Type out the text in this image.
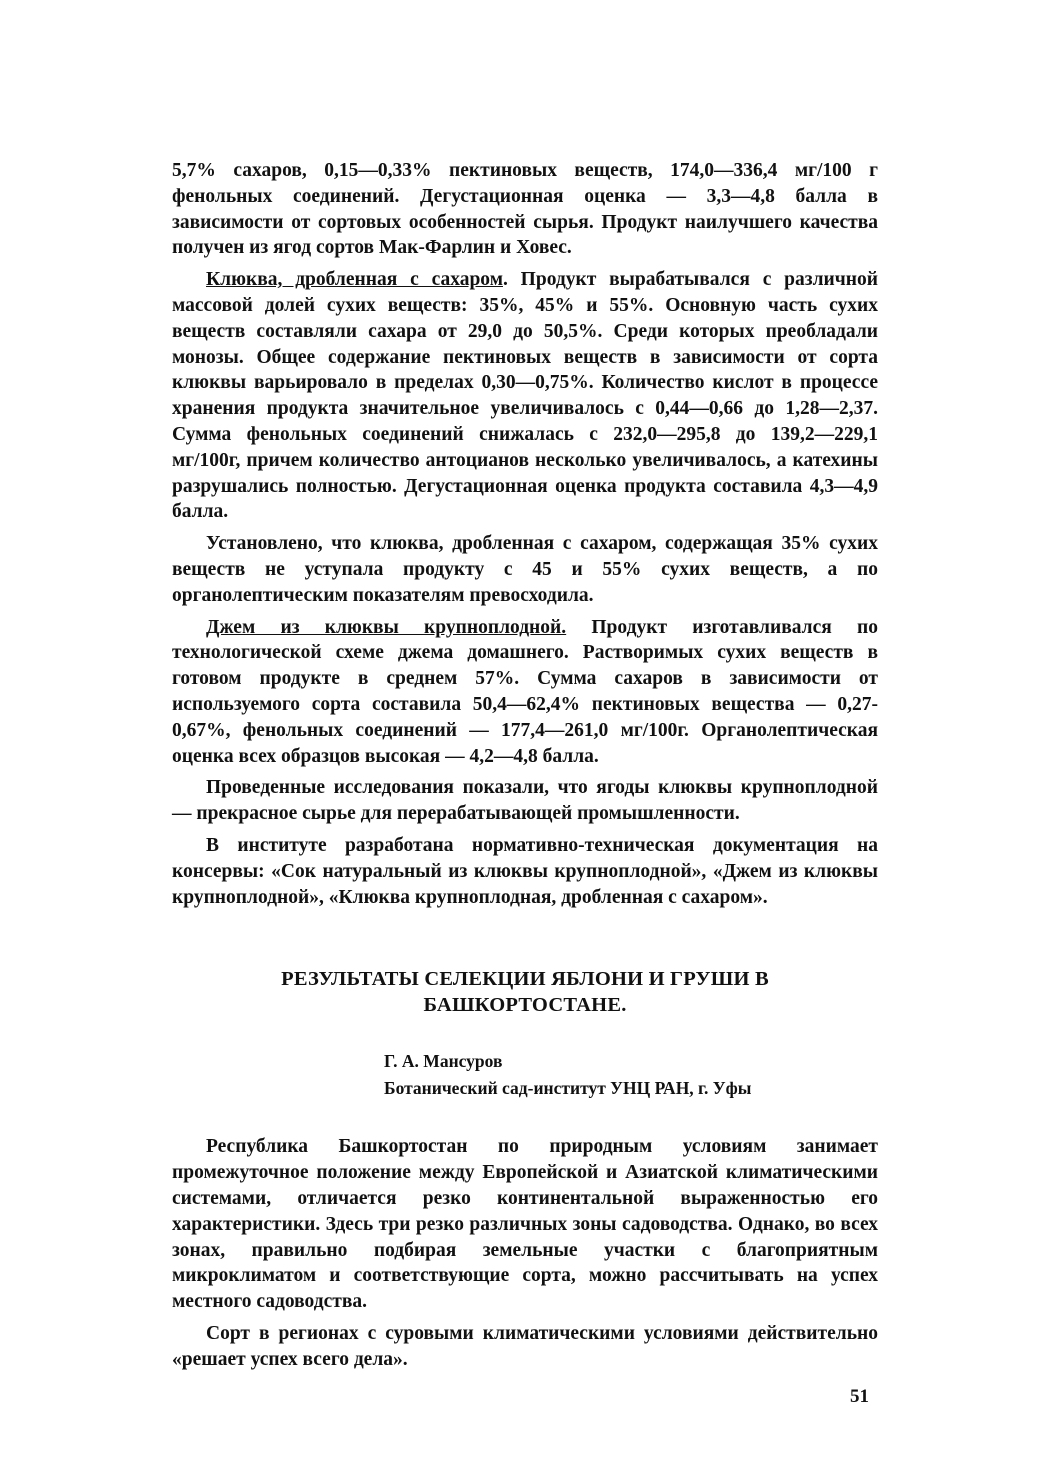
5,7% сахаров, 0,15—0,33% пектиновых веществ, 174,0—336,4 мг/100 г фенольных соединений. Дегустационная оценка — 3,3—4,8 балла в зависимости от сортовых особенностей сырья. Продукт наилучшего качества получен из ягод сортов Мак-Фарлин и Ховес.

Клюква, дробленная с сахаром. Продукт вырабатывался с различной массовой долей сухих веществ: 35%, 45% и 55%. Основную часть сухих веществ составляли сахара от 29,0 до 50,5%. Среди которых преобладали монозы. Общее содержание пектиновых веществ в зависимости от сорта клюквы варьировало в пределах 0,30—0,75%. Количество кислот в процессе хранения продукта значительное увеличивалось с 0,44—0,66 до 1,28—2,37. Сумма фенольных соединений снижалась с 232,0—295,8 до 139,2—229,1 мг/100г, причем количество антоцианов несколько увеличивалось, а катехины разрушались полностью. Дегустационная оценка продукта составила 4,3—4,9 балла.

Установлено, что клюква, дробленная с сахаром, содержащая 35% сухих веществ не уступала продукту с 45 и 55% сухих веществ, а по органолептическим показателям превосходила.

Джем из клюквы крупноплодной. Продукт изготавливался по технологической схеме джема домашнего. Растворимых сухих веществ в готовом продукте в среднем 57%. Сумма сахаров в зависимости от используемого сорта составила 50,4—62,4% пектиновых вещества — 0,27-0,67%, фенольных соединений — 177,4—261,0 мг/100г. Органолептическая оценка всех образцов высокая — 4,2—4,8 балла.

Проведенные исследования показали, что ягоды клюквы крупноплодной — прекрасное сырье для перерабатывающей промышленности.

В институте разработана нормативно-техническая документация на консервы: «Сок натуральный из клюквы крупноплодной», «Джем из клюквы крупноплодной», «Клюква крупноплодная, дробленная с сахаром».

РЕЗУЛЬТАТЫ СЕЛЕКЦИИ ЯБЛОНИ И ГРУШИ В
БАШКОРТОСТАНЕ.
Г. А. Мансуров
Ботанический сад-институт УНЦ РАН, г. Уфы

Республика Башкортостан по природным условиям занимает промежуточное положение между Европейской и Азиатской климатическими системами, отличается резко континентальной выраженностью его характеристики. Здесь три резко различных зоны садоводства. Однако, во всех зонах, правильно подбирая земельные участки с благоприятным микроклиматом и соответствующие сорта, можно рассчитывать на успех местного садоводства.

Сорт в регионах с суровыми климатическими условиями действительно «решает успех всего дела».

51
